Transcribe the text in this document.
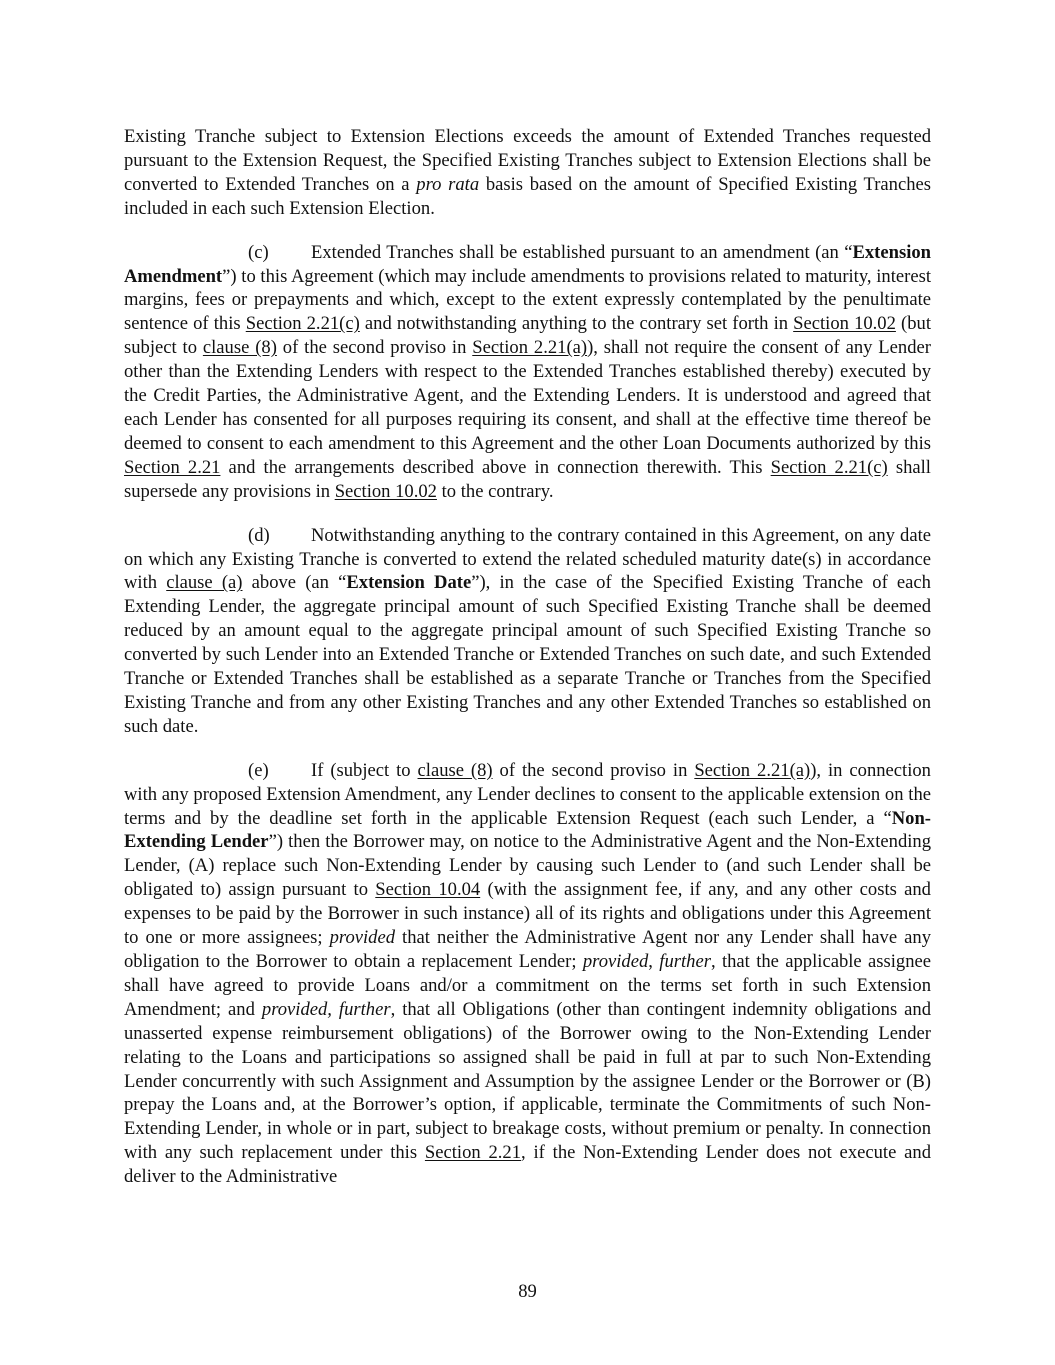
Existing Tranche subject to Extension Elections exceeds the amount of Extended Tranches requested pursuant to the Extension Request, the Specified Existing Tranches subject to Extension Elections shall be converted to Extended Tranches on a pro rata basis based on the amount of Specified Existing Tranches included in each such Extension Election.

(c) Extended Tranches shall be established pursuant to an amendment (an “Extension Amendment”) to this Agreement (which may include amendments to provisions related to maturity, interest margins, fees or prepayments and which, except to the extent expressly contemplated by the penultimate sentence of this Section 2.21(c) and notwithstanding anything to the contrary set forth in Section 10.02 (but subject to clause (8) of the second proviso in Section 2.21(a)), shall not require the consent of any Lender other than the Extending Lenders with respect to the Extended Tranches established thereby) executed by the Credit Parties, the Administrative Agent, and the Extending Lenders. It is understood and agreed that each Lender has consented for all purposes requiring its consent, and shall at the effective time thereof be deemed to consent to each amendment to this Agreement and the other Loan Documents authorized by this Section 2.21 and the arrangements described above in connection therewith. This Section 2.21(c) shall supersede any provisions in Section 10.02 to the contrary.

(d) Notwithstanding anything to the contrary contained in this Agreement, on any date on which any Existing Tranche is converted to extend the related scheduled maturity date(s) in accordance with clause (a) above (an “Extension Date”), in the case of the Specified Existing Tranche of each Extending Lender, the aggregate principal amount of such Specified Existing Tranche shall be deemed reduced by an amount equal to the aggregate principal amount of such Specified Existing Tranche so converted by such Lender into an Extended Tranche or Extended Tranches on such date, and such Extended Tranche or Extended Tranches shall be established as a separate Tranche or Tranches from the Specified Existing Tranche and from any other Existing Tranches and any other Extended Tranches so established on such date.

(e) If (subject to clause (8) of the second proviso in Section 2.21(a)), in connection with any proposed Extension Amendment, any Lender declines to consent to the applicable extension on the terms and by the deadline set forth in the applicable Extension Request (each such Lender, a “Non-Extending Lender”) then the Borrower may, on notice to the Administrative Agent and the Non-Extending Lender, (A) replace such Non-Extending Lender by causing such Lender to (and such Lender shall be obligated to) assign pursuant to Section 10.04 (with the assignment fee, if any, and any other costs and expenses to be paid by the Borrower in such instance) all of its rights and obligations under this Agreement to one or more assignees; provided that neither the Administrative Agent nor any Lender shall have any obligation to the Borrower to obtain a replacement Lender; provided, further, that the applicable assignee shall have agreed to provide Loans and/or a commitment on the terms set forth in such Extension Amendment; and provided, further, that all Obligations (other than contingent indemnity obligations and unasserted expense reimbursement obligations) of the Borrower owing to the Non-Extending Lender relating to the Loans and participations so assigned shall be paid in full at par to such Non-Extending Lender concurrently with such Assignment and Assumption by the assignee Lender or the Borrower or (B) prepay the Loans and, at the Borrower’s option, if applicable, terminate the Commitments of such Non-Extending Lender, in whole or in part, subject to breakage costs, without premium or penalty. In connection with any such replacement under this Section 2.21, if the Non-Extending Lender does not execute and deliver to the Administrative

89
